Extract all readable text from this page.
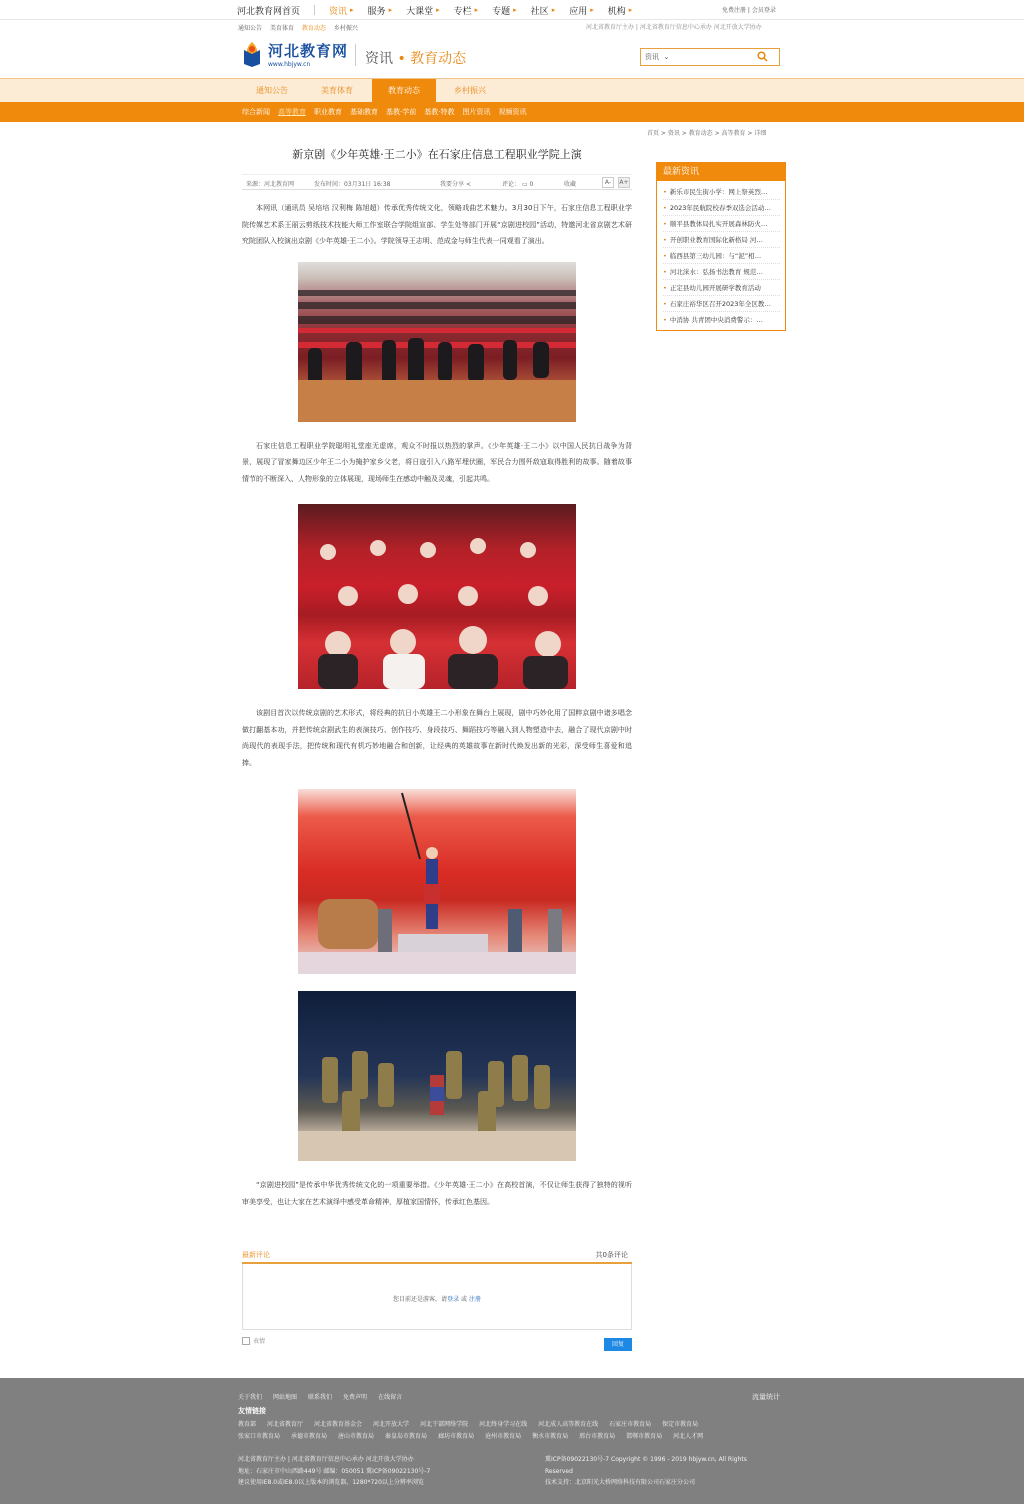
河北教育网首页	资讯 ▸ 服务 ▸ 大课堂 ▸ 专栏 ▸ 专题 ▸ 社区 ▸ 应用 ▸ 机构 ▸	免费注册 | 会员登录
通知公告 美育体育 教育动态 乡村振兴	河北省教育厅主办 | 河北省教育厅信息中心承办 河北开放大学协办
河北教育网
www.hbjyw.cn	资讯 • 教育动态	资讯  ⌄
通知公告	美育体育	教育动态	乡村振兴
综合新闻 高等教育 职业教育 基础教育 基教·学前 基教·特教 图片资讯 视频资讯
首页 > 资讯 > 教育动态 > 高等教育 > 详细
新京剧《少年英雄·王二小》在石家庄信息工程职业学院上演
来源：河北教育网	发布时间：03月31日 16:38	我要分享 <	评论： ▭ 0	收藏	A-	A+

本网讯（通讯员 吴培培 汉利梅 陈旭超）传承优秀传统文化，领略戏曲艺术魅力。3月30日下午，石家庄信息工程职业学院传媒艺术系王丽云剪纸技术技能大师工作室联合学院组宣部、学生处等部门开展“京剧进校园”活动，特邀河北省京剧艺术研究院团队入校演出京剧《少年英雄·王二小》。学院领导王志明、范成金与师生代表一同观看了演出。

石家庄信息工程职业学院聪明礼堂座无虚席，观众不时报以热烈的掌声。《少年英雄·王二小》以中国人民抗日战争为背景，展现了冒家舞边区少年王二小为掩护家乡父老，将日寇引入八路军埋伏圈，军民合力围歼敌寇取得胜利的故事。随着故事情节的不断深入、人物形象的立体展现，现场师生在感动中触及灵魂，引起共鸣。

该剧目首次以传统京剧的艺术形式，将经典的抗日小英雄王二小形象在舞台上展现，剧中巧妙化用了国粹京剧中诸多唱念做打翻基本功，并把传统京剧武生的表演技巧、创作技巧、身段技巧、舞蹈技巧等融入到人物塑造中去，融合了现代京剧中时尚现代的表现手法，把传统和现代有机巧妙地融合和创新，让经典的英雄故事在新时代焕发出新的光彩，深受师生喜爱和追捧。

“京剧进校园”是传承中华优秀传统文化的一项重要举措。《少年英雄·王二小》在高校首演，不仅让师生获得了独特的视听审美享受，也让大家在艺术演绎中感受革命精神，厚植家国情怀，传承红色基因。

最新评论	共0条评论
您目前还是游客，请登录 或 注册
表情	回复
最新资讯
• 新乐市民生街小学：网上祭英烈…
• 2023年民航院校春季双选会活动…
• 顺平县教体局扎实开展森林防火…
• 开创职业教育国际化新格局 河…
• 临西县第三幼儿园：与“泥”相…
• 河北涞水：弘扬书法教育 规范…
• 正定县幼儿园开展研学教育活动
• 石家庄裕华区召开2023年全区教…
• 中消协 共青团中央消费警示：…
关于我们 网站地图 联系我们 免费声明 在线留言	流量统计
友情链接
教育部 河北省教育厅 河北省教育基金会 河北开放大学 河北干部网络学院 河北终身学习在线 河北成人高等教育在线 石家庄市教育局 保定市教育局
张家口市教育局 承德市教育局 唐山市教育局 秦皇岛市教育局 廊坊市教育局 沧州市教育局 衡水市教育局 邢台市教育局 邯郸市教育局 河北人才网
河北省教育厅主办 | 河北省教育厅信息中心承办 河北开放大学协办
地址：石家庄市中山西路449号 邮编：050051 冀ICP备09022130号-7
建议使用IE8.0或IE8.0以上版本的浏览器，1280*720以上分辨率浏览
冀ICP备09022130号-7 Copyright © 1996 - 2019 hbjyw.cn, All Rights
Reserved
技术支持：北京阳光大桥网络科技有限公司石家庄分公司
